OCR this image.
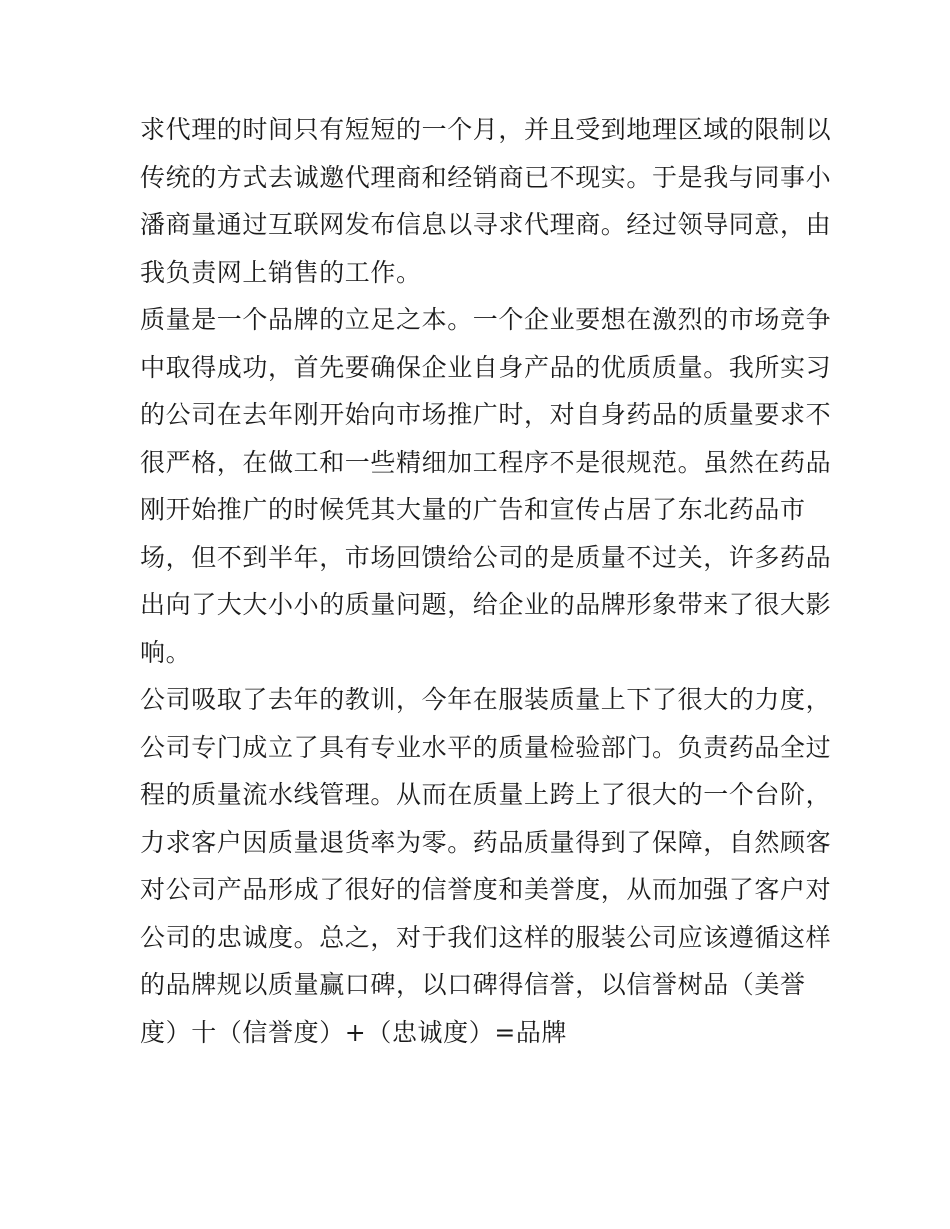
求代理的时间只有短短的一个月，并且受到地理区域的限制以
传统的方式去诚邀代理商和经销商已不现实。于是我与同事小
潘商量通过互联网发布信息以寻求代理商。经过领导同意，由
我负责网上销售的工作。
质量是一个品牌的立足之本。一个企业要想在激烈的市场竞争
中取得成功，首先要确保企业自身产品的优质质量。我所实习
的公司在去年刚开始向市场推广时，对自身药品的质量要求不
很严格，在做工和一些精细加工程序不是很规范。虽然在药品
刚开始推广的时候凭其大量的广告和宣传占居了东北药品市
场，但不到半年，市场回馈给公司的是质量不过关，许多药品
出向了大大小小的质量问题，给企业的品牌形象带来了很大影
响。
公司吸取了去年的教训，今年在服装质量上下了很大的力度，
公司专门成立了具有专业水平的质量检验部门。负责药品全过
程的质量流水线管理。从而在质量上跨上了很大的一个台阶，
力求客户因质量退货率为零。药品质量得到了保障，自然顾客
对公司产品形成了很好的信誉度和美誉度，从而加强了客户对
公司的忠诚度。总之，对于我们这样的服装公司应该遵循这样
的品牌规以质量赢口碑，以口碑得信誉，以信誉树品（美誉
度）十（信誉度）+（忠诚度）=品牌
